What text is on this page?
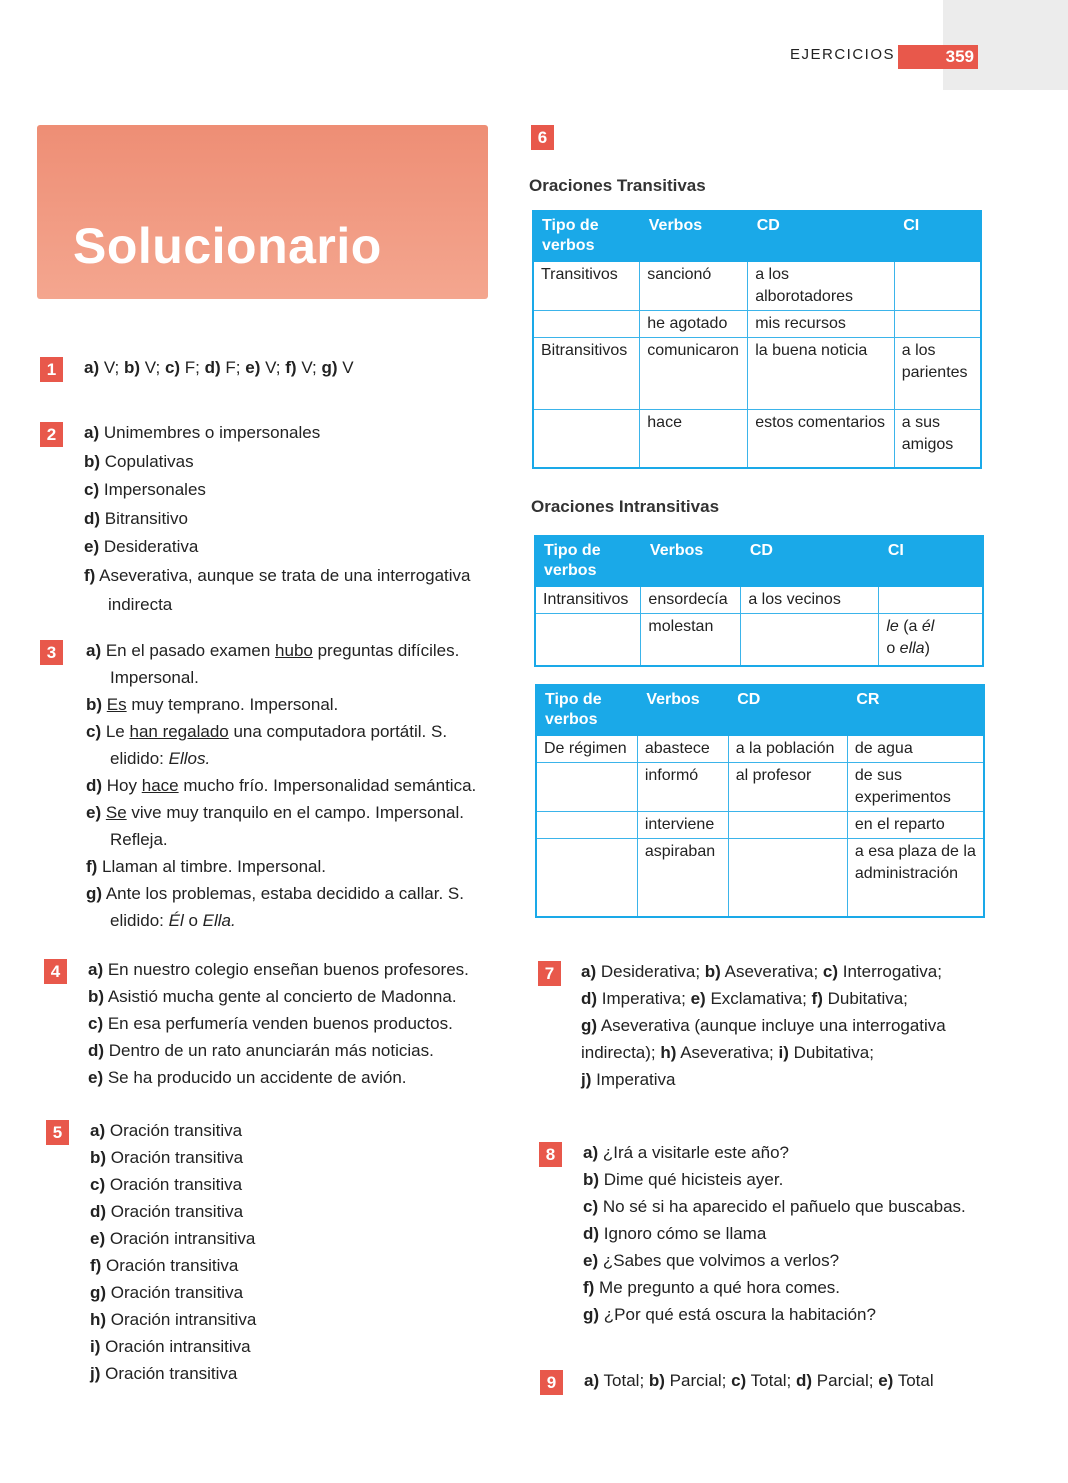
EJERCICIOS	359
Solucionario
1	a) V; b) V; c) F; d) F; e) V; f) V; g) V
2	a) Unimembres o impersonales
b) Copulativas
c) Impersonales
d) Bitransitivo
e) Desiderativa
f) Aseverativa, aunque se trata de una interrogativa
indirecta
3	a) En el pasado examen hubo preguntas difíciles.
Impersonal.
b) Es muy temprano. Impersonal.
c) Le han regalado una computadora portátil. S.
elidido: Ellos.
d) Hoy hace mucho frío. Impersonalidad semántica.
e) Se vive muy tranquilo en el campo. Impersonal.
Refleja.
f) Llaman al timbre. Impersonal.
g) Ante los problemas, estaba decidido a callar. S.
elidido: Él o Ella.
4	a) En nuestro colegio enseñan buenos profesores.
b) Asistió mucha gente al concierto de Madonna.
c) En esa perfumería venden buenos productos.
d) Dentro de un rato anunciarán más noticias.
e) Se ha producido un accidente de avión.
5	a) Oración transitiva
b) Oración transitiva
c) Oración transitiva
d) Oración transitiva
e) Oración intransitiva
f) Oración transitiva
g) Oración transitiva
h) Oración intransitiva
i) Oración intransitiva
j) Oración transitiva
6
Oraciones Transitivas
Tipo de verbos	Verbos	CD	CI
Transitivos	sancionó	a los alborotadores	
	he agotado	mis recursos	
Bitransitivos	comunicaron	la buena noticia	a los parientes
	hace	estos comentarios	a sus amigos
Oraciones Intransitivas
Tipo de verbos	Verbos	CD	CI
Intransitivos	ensordecía	a los vecinos	
	molestan		le (a él
o ella)
Tipo de verbos	Verbos	CD	CR
De régimen	abastece	a la población	de agua
	informó	al profesor	de sus experimentos
	interviene		en el reparto
	aspiraban		a esa plaza de la administración
7	a) Desiderativa; b) Aseverativa; c) Interrogativa;
d) Imperativa; e) Exclamativa; f) Dubitativa;
g) Aseverativa (aunque incluye una interrogativa
indirecta); h) Aseverativa; i) Dubitativa;
j) Imperativa
8	a) ¿Irá a visitarle este año?
b) Dime qué hicisteis ayer.
c) No sé si ha aparecido el pañuelo que buscabas.
d) Ignoro cómo se llama
e) ¿Sabes que volvimos a verlos?
f) Me pregunto a qué hora comes.
g) ¿Por qué está oscura la habitación?
9	a) Total; b) Parcial; c) Total; d) Parcial; e) Total
